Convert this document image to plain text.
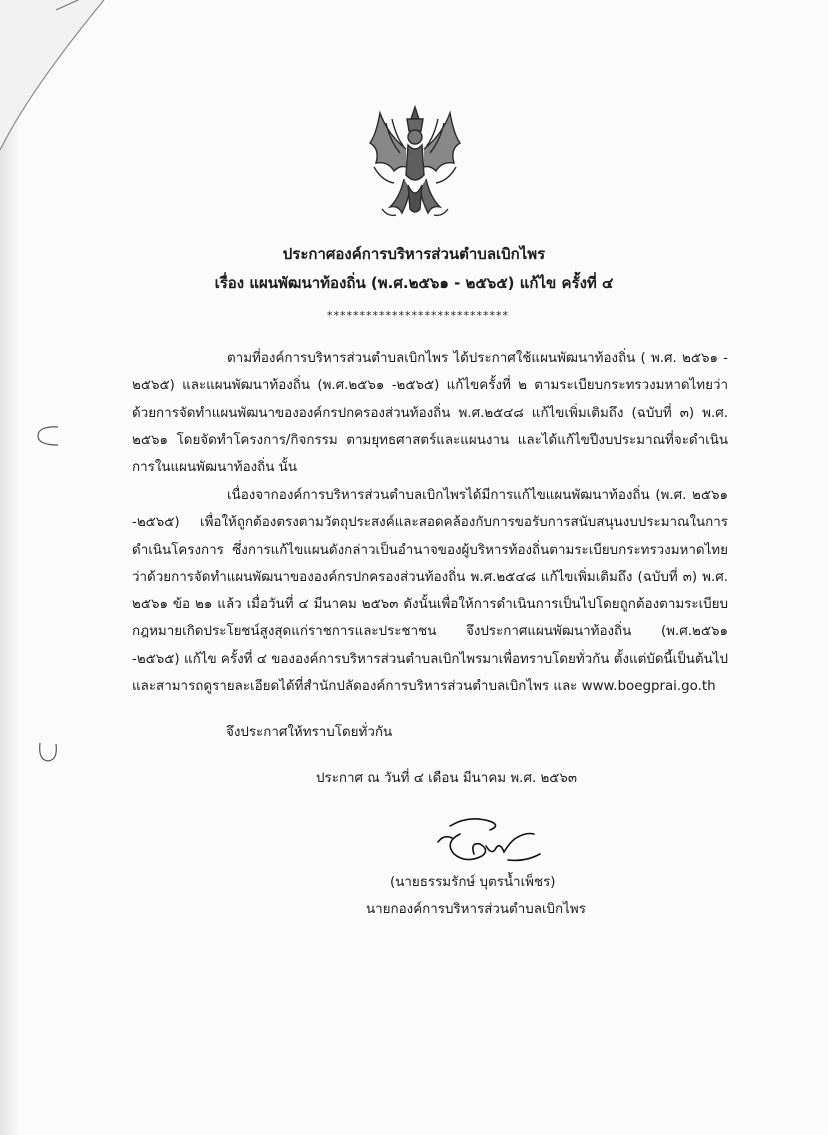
ประกาศองค์การบริหารส่วนตำบลเบิกไพร
เรื่อง แผนพัฒนาท้องถิ่น (พ.ศ.๒๕๖๑ - ๒๕๖๕) แก้ไข ครั้งที่ ๔
****************************
ตามที่องค์การบริหารส่วนตำบลเบิกไพร ได้ประกาศใช้แผนพัฒนาท้องถิ่น ( พ.ศ. ๒๕๖๑ - ๒๕๖๕) และแผนพัฒนาท้องถิ่น (พ.ศ.๒๕๖๑ -๒๕๖๕) แก้ไขครั้งที่ ๒ ตามระเบียบกระทรวงมหาดไทยว่าด้วยการจัดทำแผนพัฒนาขององค์กรปกครองส่วนท้องถิ่น พ.ศ.๒๕๔๘ แก้ไขเพิ่มเติมถึง (ฉบับที่ ๓) พ.ศ. ๒๕๖๑ โดยจัดทำโครงการ/กิจกรรม ตามยุทธศาสตร์และแผนงาน และได้แก้ไขปีงบประมาณที่จะดำเนินการในแผนพัฒนาท้องถิ่น นั้น
เนื่องจากองค์การบริหารส่วนตำบลเบิกไพรได้มีการแก้ไขแผนพัฒนาท้องถิ่น (พ.ศ. ๒๕๖๑ -๒๕๖๕) เพื่อให้ถูกต้องตรงตามวัตถุประสงค์และสอดคล้องกับการขอรับการสนับสนุนงบประมาณในการดำเนินโครงการ ซึ่งการแก้ไขแผนดังกล่าวเป็นอำนาจของผู้บริหารท้องถิ่นตามระเบียบกระทรวงมหาดไทยว่าด้วยการจัดทำแผนพัฒนาขององค์กรปกครองส่วนท้องถิ่น พ.ศ.๒๕๔๘ แก้ไขเพิ่มเติมถึง (ฉบับที่ ๓) พ.ศ. ๒๕๖๑ ข้อ ๒๑ แล้ว เมื่อวันที่ ๔ มีนาคม ๒๕๖๓ ดังนั้นเพื่อให้การดำเนินการเป็นไปโดยถูกต้องตามระเบียบกฎหมายเกิดประโยชน์สูงสุดแก่ราชการและประชาชน จึงประกาศแผนพัฒนาท้องถิ่น (พ.ศ.๒๕๖๑ -๒๕๖๕) แก้ไข ครั้งที่ ๔ ขององค์การบริหารส่วนตำบลเบิกไพรมาเพื่อทราบโดยทั่วกัน ตั้งแต่บัดนี้เป็นต้นไป และสามารถดูรายละเอียดได้ที่สำนักปลัดองค์การบริหารส่วนตำบลเบิกไพร และ www.boegprai.go.th
จึงประกาศให้ทราบโดยทั่วกัน
ประกาศ ณ วันที่ ๔ เดือน มีนาคม พ.ศ. ๒๕๖๓
(นายธรรมรักษ์ บุตรน้ำเพ็ชร)
นายกองค์การบริหารส่วนตำบลเบิกไพร
